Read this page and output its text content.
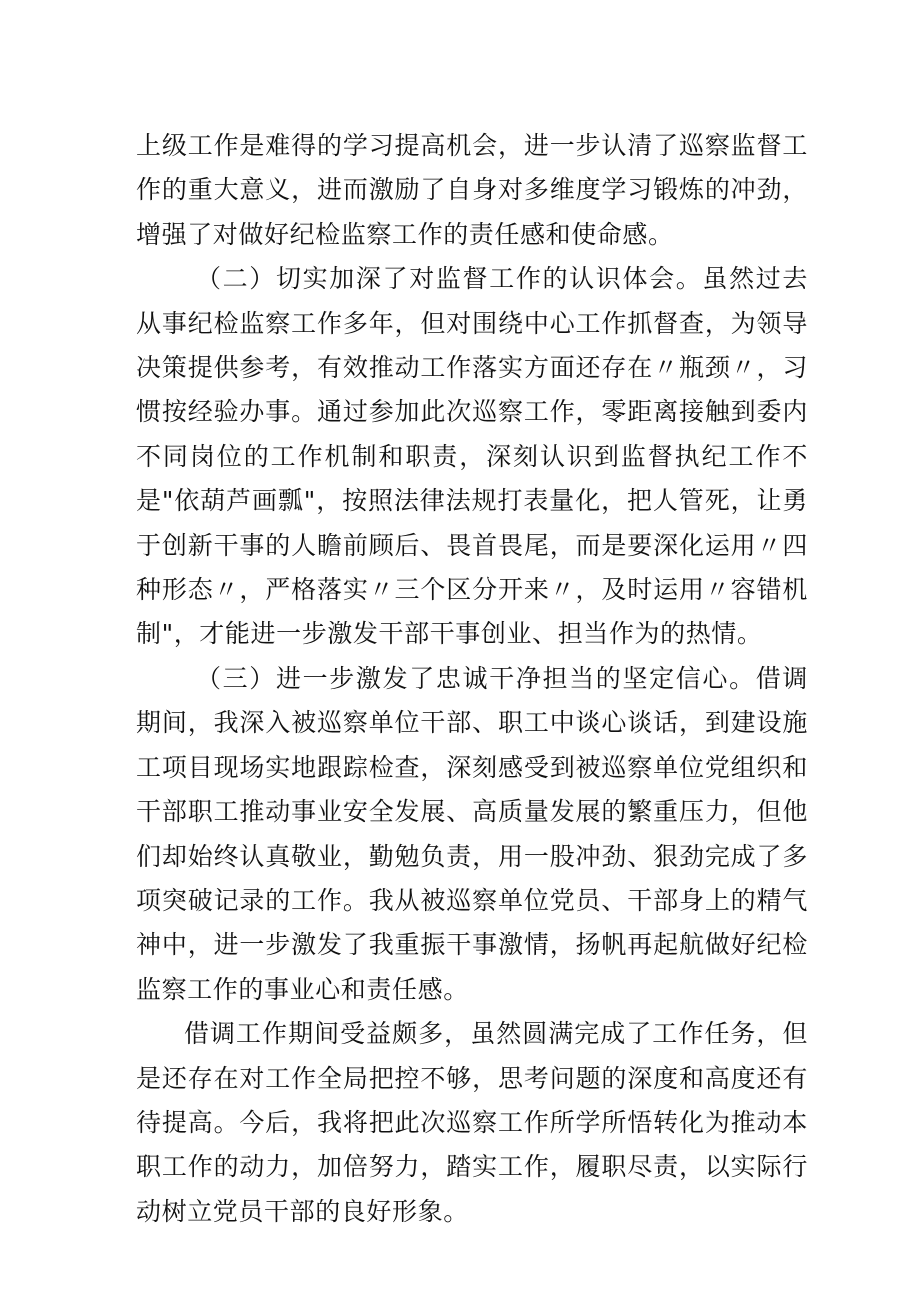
上级工作是难得的学习提高机会，进一步认清了巡察监督工作的重大意义，进而激励了自身对多维度学习锻炼的冲劲，增强了对做好纪检监察工作的责任感和使命感。

（二）切实加深了对监督工作的认识体会。虽然过去从事纪检监察工作多年，但对围绕中心工作抓督查，为领导决策提供参考，有效推动工作落实方面还存在〃瓶颈〃，习惯按经验办事。通过参加此次巡察工作，零距离接触到委内不同岗位的工作机制和职责，深刻认识到监督执纪工作不是"依葫芦画瓢"，按照法律法规打表量化，把人管死，让勇于创新干事的人瞻前顾后、畏首畏尾，而是要深化运用〃四种形态〃，严格落实〃三个区分开来〃，及时运用〃容错机制"，才能进一步激发干部干事创业、担当作为的热情。

（三）进一步激发了忠诚干净担当的坚定信心。借调期间，我深入被巡察单位干部、职工中谈心谈话，到建设施工项目现场实地跟踪检查，深刻感受到被巡察单位党组织和干部职工推动事业安全发展、高质量发展的繁重压力，但他们却始终认真敬业，勤勉负责，用一股冲劲、狠劲完成了多项突破记录的工作。我从被巡察单位党员、干部身上的精气神中，进一步激发了我重振干事激情，扬帆再起航做好纪检监察工作的事业心和责任感。

借调工作期间受益颇多，虽然圆满完成了工作任务，但是还存在对工作全局把控不够，思考问题的深度和高度还有待提高。今后，我将把此次巡察工作所学所悟转化为推动本职工作的动力，加倍努力，踏实工作，履职尽责，以实际行动树立党员干部的良好形象。
